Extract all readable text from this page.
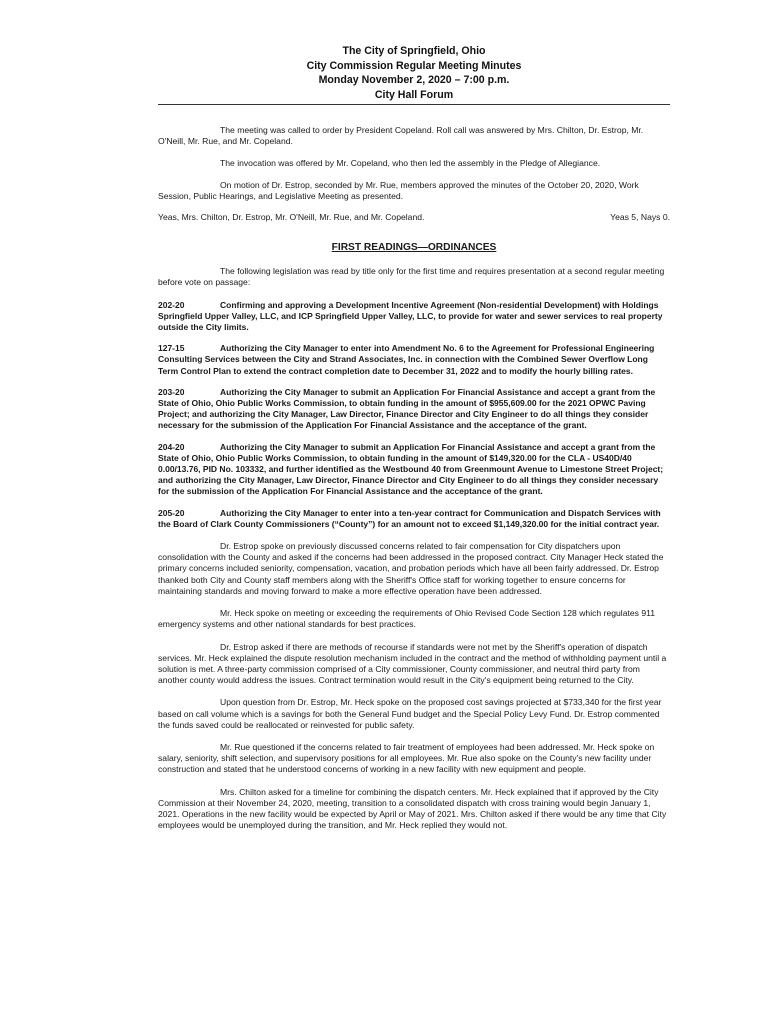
The City of Springfield, Ohio
City Commission Regular Meeting Minutes
Monday November 2, 2020 – 7:00 p.m.
City Hall Forum

The meeting was called to order by President Copeland. Roll call was answered by Mrs. Chilton, Dr. Estrop, Mr. O'Neill, Mr. Rue, and Mr. Copeland.

The invocation was offered by Mr. Copeland, who then led the assembly in the Pledge of Allegiance.

On motion of Dr. Estrop, seconded by Mr. Rue, members approved the minutes of the October 20, 2020, Work Session, Public Hearings, and Legislative Meeting as presented.

Yeas, Mrs. Chilton, Dr. Estrop, Mr. O'Neill, Mr. Rue, and Mr. Copeland.	Yeas 5, Nays 0.
FIRST READINGS—ORDINANCES

The following legislation was read by title only for the first time and requires presentation at a second regular meeting before vote on passage:

202-20	Confirming and approving a Development Incentive Agreement (Non-residential Development) with Holdings Springfield Upper Valley, LLC, and ICP Springfield Upper Valley, LLC, to provide for water and sewer services to real property outside the City limits.

127-15	Authorizing the City Manager to enter into Amendment No. 6 to the Agreement for Professional Engineering Consulting Services between the City and Strand Associates, Inc. in connection with the Combined Sewer Overflow Long Term Control Plan to extend the contract completion date to December 31, 2022 and to modify the hourly billing rates.

203-20	Authorizing the City Manager to submit an Application For Financial Assistance and accept a grant from the State of Ohio, Ohio Public Works Commission, to obtain funding in the amount of $955,609.00 for the 2021 OPWC Paving Project; and authorizing the City Manager, Law Director, Finance Director and City Engineer to do all things they consider necessary for the submission of the Application For Financial Assistance and the acceptance of the grant.

204-20	Authorizing the City Manager to submit an Application For Financial Assistance and accept a grant from the State of Ohio, Ohio Public Works Commission, to obtain funding in the amount of $149,320.00 for the CLA - US40D/40 0.00/13.76, PID No. 103332, and further identified as the Westbound 40 from Greenmount Avenue to Limestone Street Project; and authorizing the City Manager, Law Director, Finance Director and City Engineer to do all things they consider necessary for the submission of the Application For Financial Assistance and the acceptance of the grant.

205-20	Authorizing the City Manager to enter into a ten-year contract for Communication and Dispatch Services with the Board of Clark County Commissioners (“County”) for an amount not to exceed $1,149,320.00 for the initial contract year.

Dr. Estrop spoke on previously discussed concerns related to fair compensation for City dispatchers upon consolidation with the County and asked if the concerns had been addressed in the proposed contract. City Manager Heck stated the primary concerns included seniority, compensation, vacation, and probation periods which have all been fairly addressed. Dr. Estrop thanked both City and County staff members along with the Sheriff's Office staff for working together to ensure concerns for maintaining standards and moving forward to make a more effective operation have been addressed.

Mr. Heck spoke on meeting or exceeding the requirements of Ohio Revised Code Section 128 which regulates 911 emergency systems and other national standards for best practices.

Dr. Estrop asked if there are methods of recourse if standards were not met by the Sheriff's operation of dispatch services. Mr. Heck explained the dispute resolution mechanism included in the contract and the method of withholding payment until a solution is met. A three-party commission comprised of a City commissioner, County commissioner, and neutral third party from another county would address the issues. Contract termination would result in the City's equipment being returned to the City.

Upon question from Dr. Estrop, Mr. Heck spoke on the proposed cost savings projected at $733,340 for the first year based on call volume which is a savings for both the General Fund budget and the Special Policy Levy Fund. Dr. Estrop commented the funds saved could be reallocated or reinvested for public safety.

Mr. Rue questioned if the concerns related to fair treatment of employees had been addressed. Mr. Heck spoke on salary, seniority, shift selection, and supervisory positions for all employees. Mr. Rue also spoke on the County's new facility under construction and stated that he understood concerns of working in a new facility with new equipment and people.

Mrs. Chilton asked for a timeline for combining the dispatch centers. Mr. Heck explained that if approved by the City Commission at their November 24, 2020, meeting, transition to a consolidated dispatch with cross training would begin January 1, 2021. Operations in the new facility would be expected by April or May of 2021. Mrs. Chilton asked if there would be any time that City employees would be unemployed during the transition, and Mr. Heck replied they would not.
